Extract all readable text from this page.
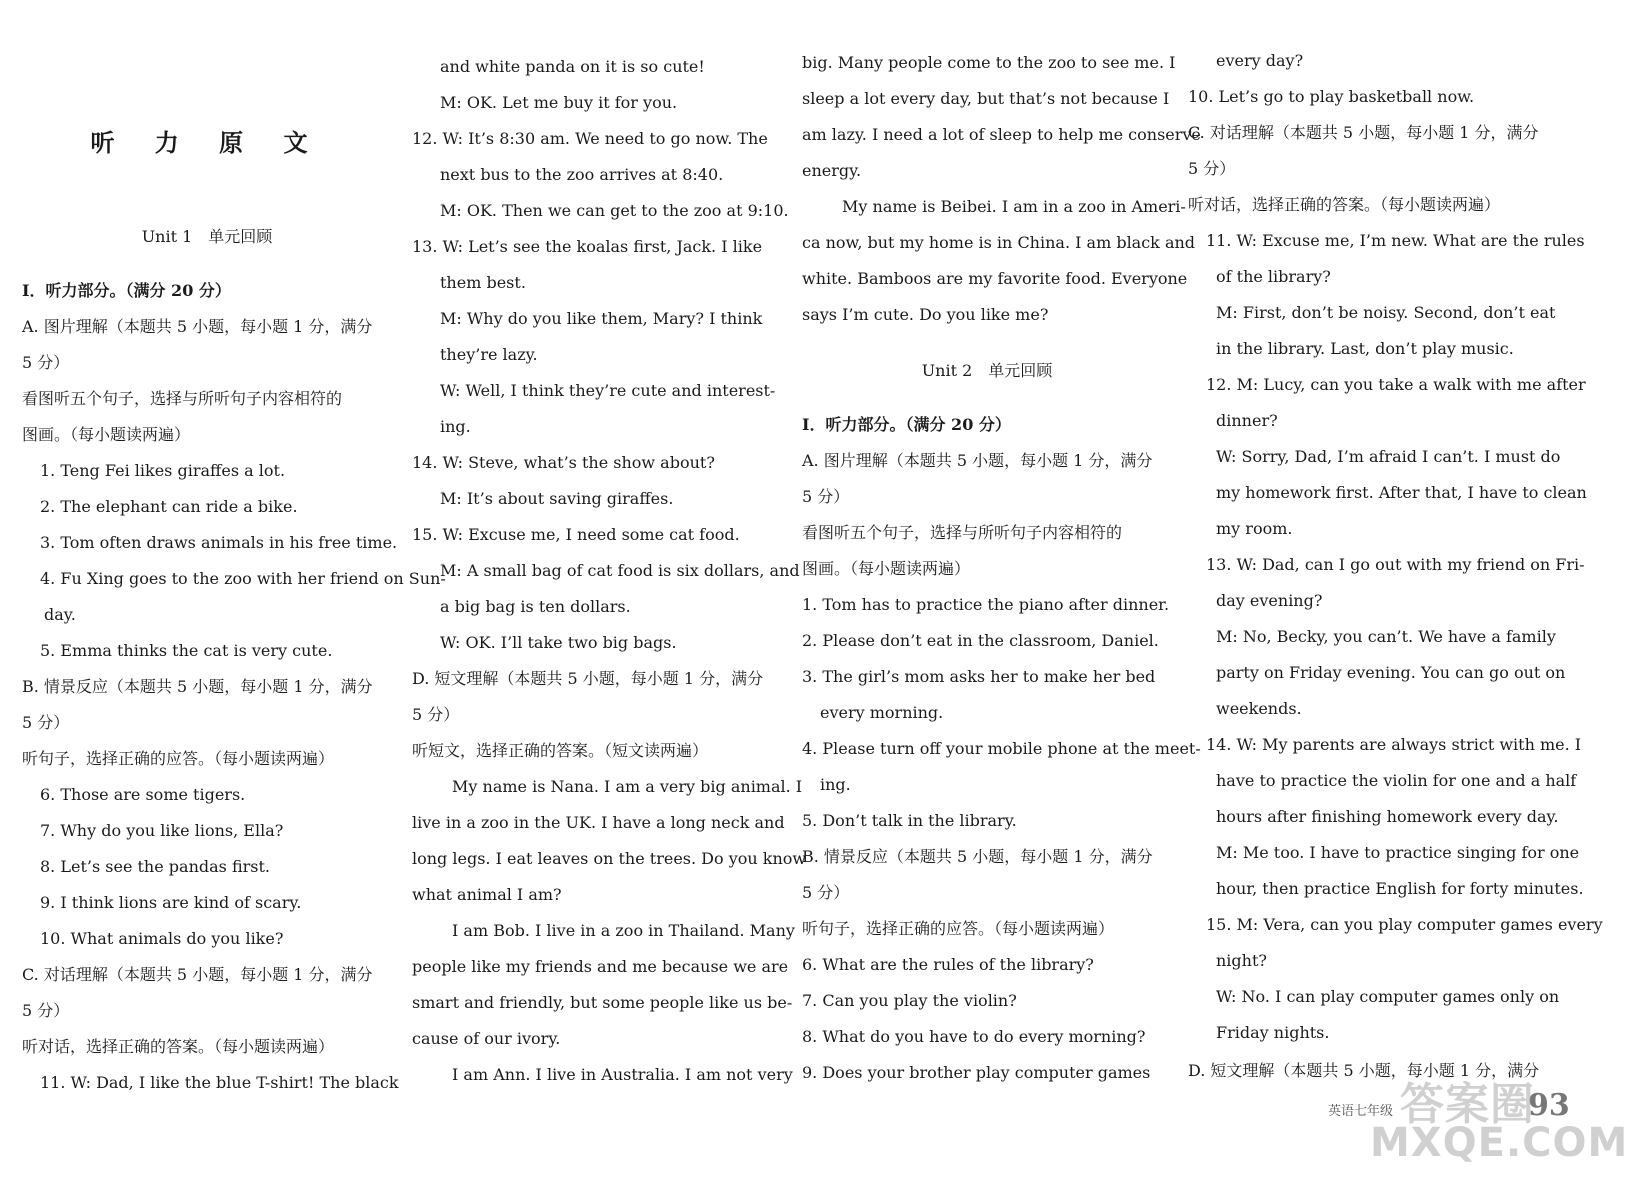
听 力 原 文
Unit 1　单元回顾
I．听力部分。（满分 20 分）
A. 图片理解（本题共 5 小题，每小题 1 分，满分
5 分）
看图听五个句子，选择与所听句子内容相符的
图画。（每小题读两遍）
1. Teng Fei likes giraffes a lot.
2. The elephant can ride a bike.
3. Tom often draws animals in his free time.
4. Fu Xing goes to the zoo with her friend on Sun-
day.
5. Emma thinks the cat is very cute.
B. 情景反应（本题共 5 小题，每小题 1 分，满分
5 分）
听句子，选择正确的应答。（每小题读两遍）
6. Those are some tigers.
7. Why do you like lions, Ella?
8. Let’s see the pandas first.
9. I think lions are kind of scary.
10. What animals do you like?
C. 对话理解（本题共 5 小题，每小题 1 分，满分
5 分）
听对话，选择正确的答案。（每小题读两遍）
11. W: Dad, I like the blue T-shirt! The black
and white panda on it is so cute!
M: OK. Let me buy it for you.
12. W: It’s 8:30 am. We need to go now. The
next bus to the zoo arrives at 8:40.
M: OK. Then we can get to the zoo at 9:10.
13. W: Let’s see the koalas first, Jack. I like
them best.
M: Why do you like them, Mary? I think
they’re lazy.
W: Well, I think they’re cute and interest-
ing.
14. W: Steve, what’s the show about?
M: It’s about saving giraffes.
15. W: Excuse me, I need some cat food.
M: A small bag of cat food is six dollars, and
a big bag is ten dollars.
W: OK. I’ll take two big bags.
D. 短文理解（本题共 5 小题，每小题 1 分，满分
5 分）
听短文，选择正确的答案。（短文读两遍）
My name is Nana. I am a very big animal. I
live in a zoo in the UK. I have a long neck and
long legs. I eat leaves on the trees. Do you know
what animal I am?
I am Bob. I live in a zoo in Thailand. Many
people like my friends and me because we are
smart and friendly, but some people like us be-
cause of our ivory.
I am Ann. I live in Australia. I am not very
big. Many people come to the zoo to see me. I
sleep a lot every day, but that’s not because I
am lazy. I need a lot of sleep to help me conserve
energy.
My name is Beibei. I am in a zoo in Ameri-
ca now, but my home is in China. I am black and
white. Bamboos are my favorite food. Everyone
says I’m cute. Do you like me?
Unit 2　单元回顾
I．听力部分。（满分 20 分）
A. 图片理解（本题共 5 小题，每小题 1 分，满分
5 分）
看图听五个句子，选择与所听句子内容相符的
图画。（每小题读两遍）
1. Tom has to practice the piano after dinner.
2. Please don’t eat in the classroom, Daniel.
3. The girl’s mom asks her to make her bed
every morning.
4. Please turn off your mobile phone at the meet-
ing.
5. Don’t talk in the library.
B. 情景反应（本题共 5 小题，每小题 1 分，满分
5 分）
听句子，选择正确的应答。（每小题读两遍）
6. What are the rules of the library?
7. Can you play the violin?
8. What do you have to do every morning?
9. Does your brother play computer games
every day?
10. Let’s go to play basketball now.
C. 对话理解（本题共 5 小题，每小题 1 分，满分
5 分）
听对话，选择正确的答案。（每小题读两遍）
11. W: Excuse me, I’m new. What are the rules
of the library?
M: First, don’t be noisy. Second, don’t eat
in the library. Last, don’t play music.
12. M: Lucy, can you take a walk with me after
dinner?
W: Sorry, Dad, I’m afraid I can’t. I must do
my homework first. After that, I have to clean
my room.
13. W: Dad, can I go out with my friend on Fri-
day evening?
M: No, Becky, you can’t. We have a family
party on Friday evening. You can go out on
weekends.
14. W: My parents are always strict with me. I
have to practice the violin for one and a half
hours after finishing homework every day.
M: Me too. I have to practice singing for one
hour, then practice English for forty minutes.
15. M: Vera, can you play computer games every
night?
W: No. I can play computer games only on
Friday nights.
D. 短文理解（本题共 5 小题，每小题 1 分，满分
英语七年级	93
答案圈
MXQE.COM
